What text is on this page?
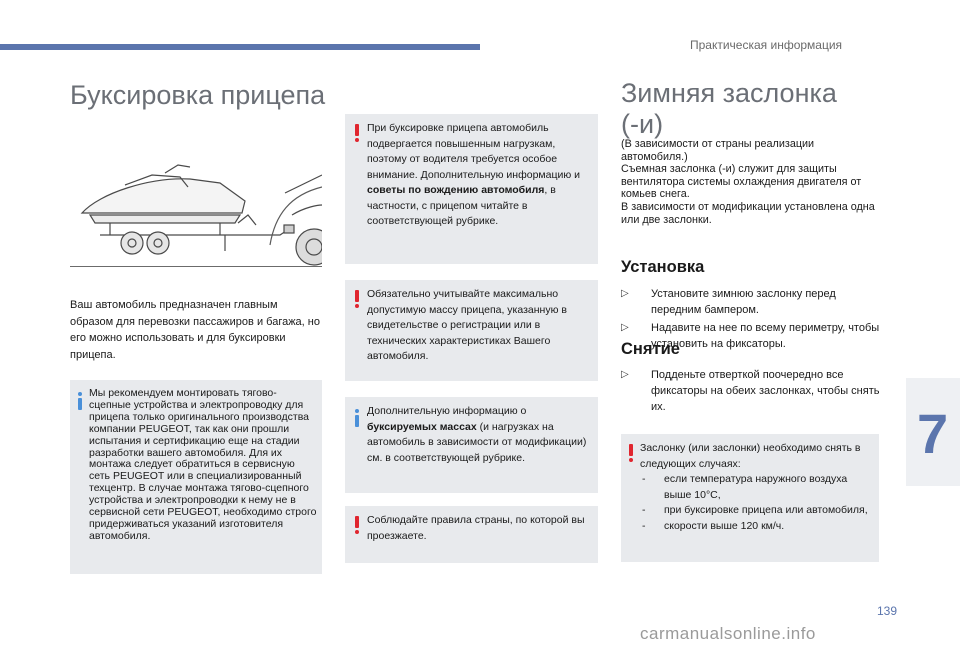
Практическая информация
Буксировка прицепа
Ваш автомобиль предназначен главным образом для перевозки пассажиров и багажа, но его можно использовать и для буксировки прицепа.
Мы рекомендуем монтировать тягово-сцепные устройства и электропроводку для прицепа только оригинального производства компании PEUGEOT, так как они прошли испытания и сертификацию еще на стадии разработки вашего автомобиля. Для их монтажа следует обратиться в сервисную сеть PEUGEOT или в специализированный техцентр. В случае монтажа тягово-сцепного устройства и электропроводки к нему не в сервисной сети PEUGEOT, необходимо строго придерживаться указаний изготовителя автомобиля.
При буксировке прицепа автомобиль подвергается повышенным нагрузкам, поэтому от водителя требуется особое внимание. Дополнительную информацию и советы по вождению автомобиля, в частности, с прицепом читайте в соответствующей рубрике.
Обязательно учитывайте максимально допустимую массу прицепа, указанную в свидетельстве о регистрации или в технических характеристиках Вашего автомобиля.
Дополнительную информацию о буксируемых массах (и нагрузках на автомобиль в зависимости от модификации) см. в соответствующей рубрике.
Соблюдайте правила страны, по которой вы проезжаете.
Зимняя заслонка
(-и)
(В зависимости от страны реализации автомобиля.)
Съемная заслонка (-и) служит для защиты вентилятора системы охлаждения двигателя от комьев снега.
В зависимости от модификации установлена одна или две заслонки.
Установка
▷ Установите зимнюю заслонку перед передним бампером.
▷ Надавите на нее по всему периметру, чтобы установить на фиксаторы.
Снятие
▷ Подденьте отверткой поочередно все фиксаторы на обеих заслонках, чтобы снять их.
Заслонку (или заслонки) необходимо снять в следующих случаях:
- если температура наружного воздуха выше 10°C,
- при буксировке прицепа или автомобиля,
- скорости выше 120 км/ч.
7
139
carmanualsonline.info
